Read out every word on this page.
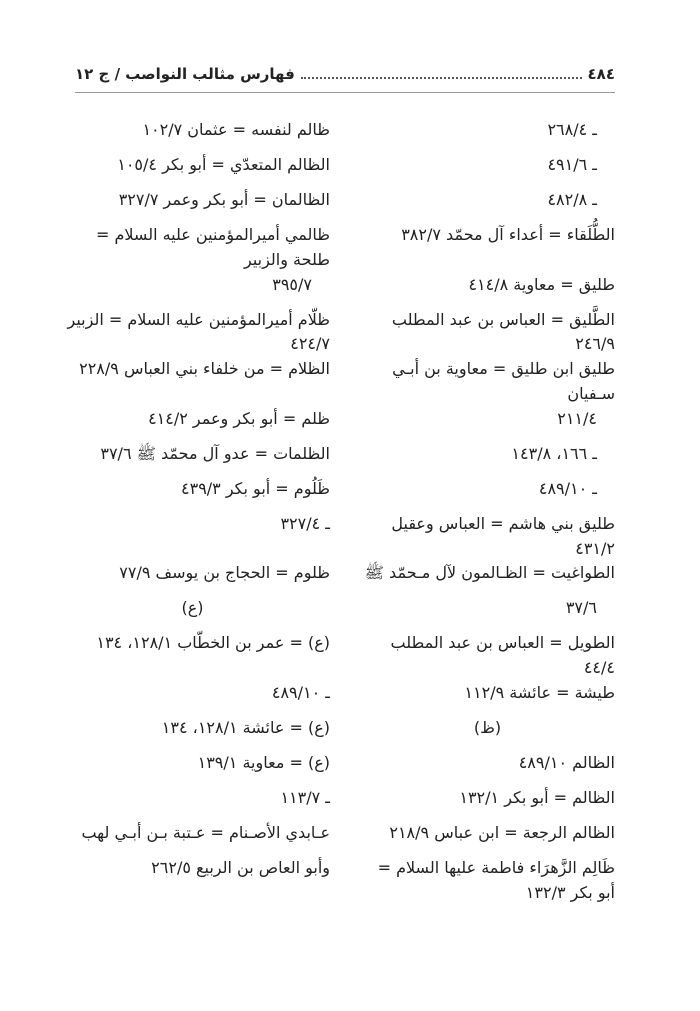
٤٨٤
فهارس مثالب النواصب / ج ١٢
ـ ٢٦٨/٤
ظالم لنفسه = عثمان ١٠٢/٧
ـ ٤٩١/٦
الظالم المتعدّي = أبو بكر ١٠٥/٤
ـ ٤٨٢/٨
الظالمان = أبو بكر وعمر ٣٢٧/٧
الطُّلَقاء = أعداء آل محمّد ٣٨٢/٧
ظالمي أميرالمؤمنين عليه السلام = طلحة والزبير
طليق = معاوية ٤١٤/٨
٣٩٥/٧
الطَّليق = العباس بن عبد المطلب ٢٤٦/٩
ظلّام أميرالمؤمنين عليه السلام = الزبير ٤٢٤/٧
طليق ابن طليق = معاوية بن أبـي سـفيان
الظلام = من خلفاء بني العباس ٢٢٨/٩
٢١١/٤
ظلم = أبو بكر وعمر ٤١٤/٢
ـ ١٦٦، ١٤٣/٨
الظلمات = عدو آل محمّد ﷺ ٣٧/٦
ـ ٤٨٩/١٠
ظَلُوم = أبو بكر ٤٣٩/٣
طليق بني هاشم = العباس وعقيل ٤٣١/٢
ـ ٣٢٧/٤
الطواغيت = الظـالمون لآل مـحمّد ﷺ
ظلوم = الحجاج بن يوسف ٧٧/٩
٣٧/٦
(ع)
الطويل = العباس بن عبد المطلب ٤٤/٤
(ع) = عمر بن الخطّاب ١٢٨/١، ١٣٤
طيشة = عائشة ١١٢/٩
ـ ٤٨٩/١٠
(ظ)
(ع) = عائشة ١٢٨/١، ١٣٤
الظالم ٤٨٩/١٠
(ع) = معاوية ١٣٩/١
الظالم = أبو بكر ١٣٢/١
ـ ١١٣/٧
الظالم الرجعة = ابن عباس ٢١٨/٩
عـابدي الأصـنام = عـتبة بـن أبـي لهب
ظَالِم الزَّهرَاء فاطمة عليها السلام = أبو بكر ١٣٢/٣
وأبو العاص بن الربيع ٢٦٢/٥
